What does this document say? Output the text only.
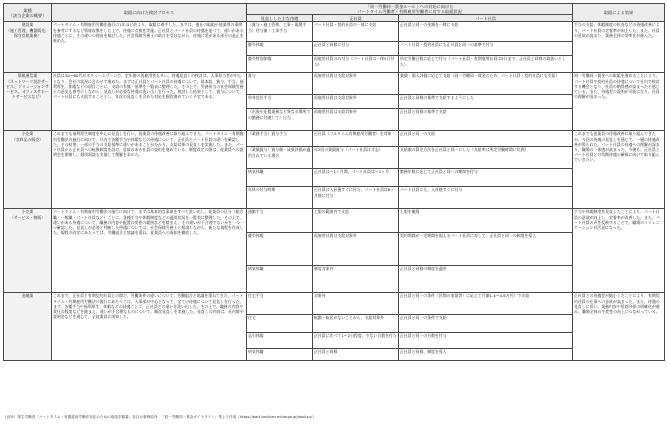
業種
（該当企業の概要）	取組に向けた検討プロセス	「同一労働同一賃金ルール」への対応に向けた
パートタイム労働者・有期雇用労働者に対する取組状況			取組による効果
		見直しした主な待遇	正社員	パート社員	
建設業
（施工管理、機器販売、保守点検業務）	パートタイム・有期雇用労働法施行の1年ほど前より、取組に着手した。まずは、他社の取組や他業界の事例を参考にするなど情報収集をした上で、待遇の点検を実施。正社員とパート社員の待遇を並べて、違いがある待遇ごとに、その違いの理由を検討した。社会保険労務士の助言を受けながら、待遇に差がある部分の是正を進めた。	（賞与・施工管理、工事・現場手当）付与額・工事手当	パート社員・契約社員の一部に支給	正社員と同一の金額を一律に支給	手当の支給、休暇制度の拡充などの待遇改善により、パート社員の定着率が向上した。また、社員の意欲が高まり、業務全体の効率化が進んだ。
		慶弔休暇	正社員と同様に付与	パート社員・契約社員にも正社員と同一の基準で付与	
		慶弔特別休暇	再雇用社員のみ付与（パート社員は一律5日付与）	所定労働日数に応じて付与（パート社員・有期雇用社員は5日まで、正社員と同様の取扱いとした）	
情報通信業
（ネットワーク設計サービス、ソリューションサービス、オフィスサポートサービスなど）	社員は30～60代がボリュームゾーンで、定年後の再雇用者も多い。待遇見直しの検討は、人事担当者が中心となり、会社の状況に合わせて進めた。まずは正社員とパート社員の待遇について、基本給、賞与、手当、福利厚生、休暇などの項目ごとに、支給の有無・基準を一覧表に整理した。その上で、労務担当の社会保険労務士の意見も参考にしながら、見直しが必要な待遇の洗い出しを行った。検討した結果として、賞与について、パート社員にも支給することとし、年次の見直しを含めた対応を順次進めていく予定である。	賞与	再雇用社員は支給対象外	業績・個人評価に応じて支給（同一労働同一賃金のため、パート社員・契約社員にも支給）	同一労働同一賃金への取組を進めることにより、パート社員や契約社員の待遇について社内で検討する機会となり、社員の納得感が高まったと感じている。また、待遇差の説明が可能になり、社員の理解が深まった。
		単身赴任手当	再雇用社員は支給対象外	正社員と同様の基準で支給するようにした	
		（出張や応援業務など異なる場所での勤務に付随して）日当	再雇用社員は支給対象外	正社員と同様の基準で支給	
小売業
（食料品の販売）	これまでも福利厚生制度を中心に見直しを行い、従業員の待遇改善に取り組んできた。パートタイム・有期雇用労働法の施行に向けて、社内で各種手当や休暇などの待遇について、正社員とパート社員の違いを確認した。その結果、一部の手当の支給基準に違いがあることが分かり、支給対象の見直しを実施した。また、パート社員から正社員への転換制度を設け、意欲のある社員の登用を進めている。制度改定の際は、従業員への説明会を開催し、個別面談も実施して理解を求めた。	（業務手当）賞与手当	正社員（フルタイム有期雇用労働者）を対象	正社員と同一の支給	これまでも従業員の待遇改善に取り組んできたが、今回の待遇の見直しを通じて、一層の待遇改善が図られた。パート社員の待遇への理解が深まり、職場の一体感が高まった。今後も、正社員とパート社員との均衡待遇の確保に向けて取り組んでいきたい。
		（業績賞与）賞与額・成果評価が適用されている場合	年2回の業績賞与（パート社員は寸志）	支給額の算定方法を正社員と同一にした（支給率は所定労働時間に比例）	
		病気休職	正社員は～1ヶ月間、パート社員は～1ヶ月	勤務年数に応じて正社員と同一の期間を付与	
		年休の付与時期	正社員は入社後すぐに付与、パート社員は6ヶ月後に付与	パート社員にも、入社後すぐに付与	
小売業
（サービス・物販）	パートタイム・有期雇用労働法の施行に向けて、まずは基本的な事項をすべて洗い出し、従業員の区分（総合職・一般職・パート社員など）ごとに、各種手当や休暇制度などの適用状況を一覧表に整理した。その上で、違いがある待遇について、職務の内容や配置の変更の範囲などを踏まえ、その違いが不合理でないかを一つ一つ確認した。見直しが必要と判断した待遇については、社会保険労務士と相談しながら、新たな規程を作成した。規程の改定にあたっては、労働組合と協議を重ね、従業員への周知を徹底した。	通勤手当	上限の範囲内で支給	上限を撤廃	手当や休暇制度を見直したことにより、パート社員の意欲が向上し、定着率が改善した。また、パート社員の声を反映することで、職場のコミュニケーションが活発になった。
		慶弔休暇	再雇用社員は支給対象外	契約期間が一定期間を超えるパート社員に対して、正社員と同一の制度を導入	
		病気休職	制度対象外	正社員と同様の制度を適用	
金融業	これまで、正社員と有期契約社員との間で、労働条件の違いについて、労働組合と協議を重ねてきた。パートタイム・有期雇用労働法の施行にあたっては、人事部が中心となって、全ての待遇について見直しを行った。まず、各種手当や福利厚生、休暇などの待遇ごとに、正社員との違いを洗い出した。その上で、職務の内容や責任の程度などを踏まえ、違いが不合理なものについて、順次見直しを実施した。見直しの内容は、社内報や説明会などを通じて、全従業員に周知した。	住宅手当	対象外	正社員と同一の条件（民間の家賃等）に応じて月額1.4～4.6万円）で支給	正社員との待遇差が縮小したことにより、有期契約社員の仕事への意欲が高まった。また、待遇の見直しに伴い、業務内容や役割分担の明確化が進み、職場全体の生産性の向上につながっている。
		住宅	転勤・転居がないことから、支給対象外	正社員と同一の条件で支給	
		忌引休暇	正社員に比べて1～2日程度、少ない日数を付与	正社員と同一の日数を付与	
		病気休職	正社員と同様	正社員と同様、制度を導入	
（出所）厚生労働省「パートタイム・有期雇用労働法対応のための取組手順書」各社の事例紹介、「同一労働同一賃金ガイドライン」等より作成（https://part-tanjikan.mhlw.go.jp/douitsu/）
